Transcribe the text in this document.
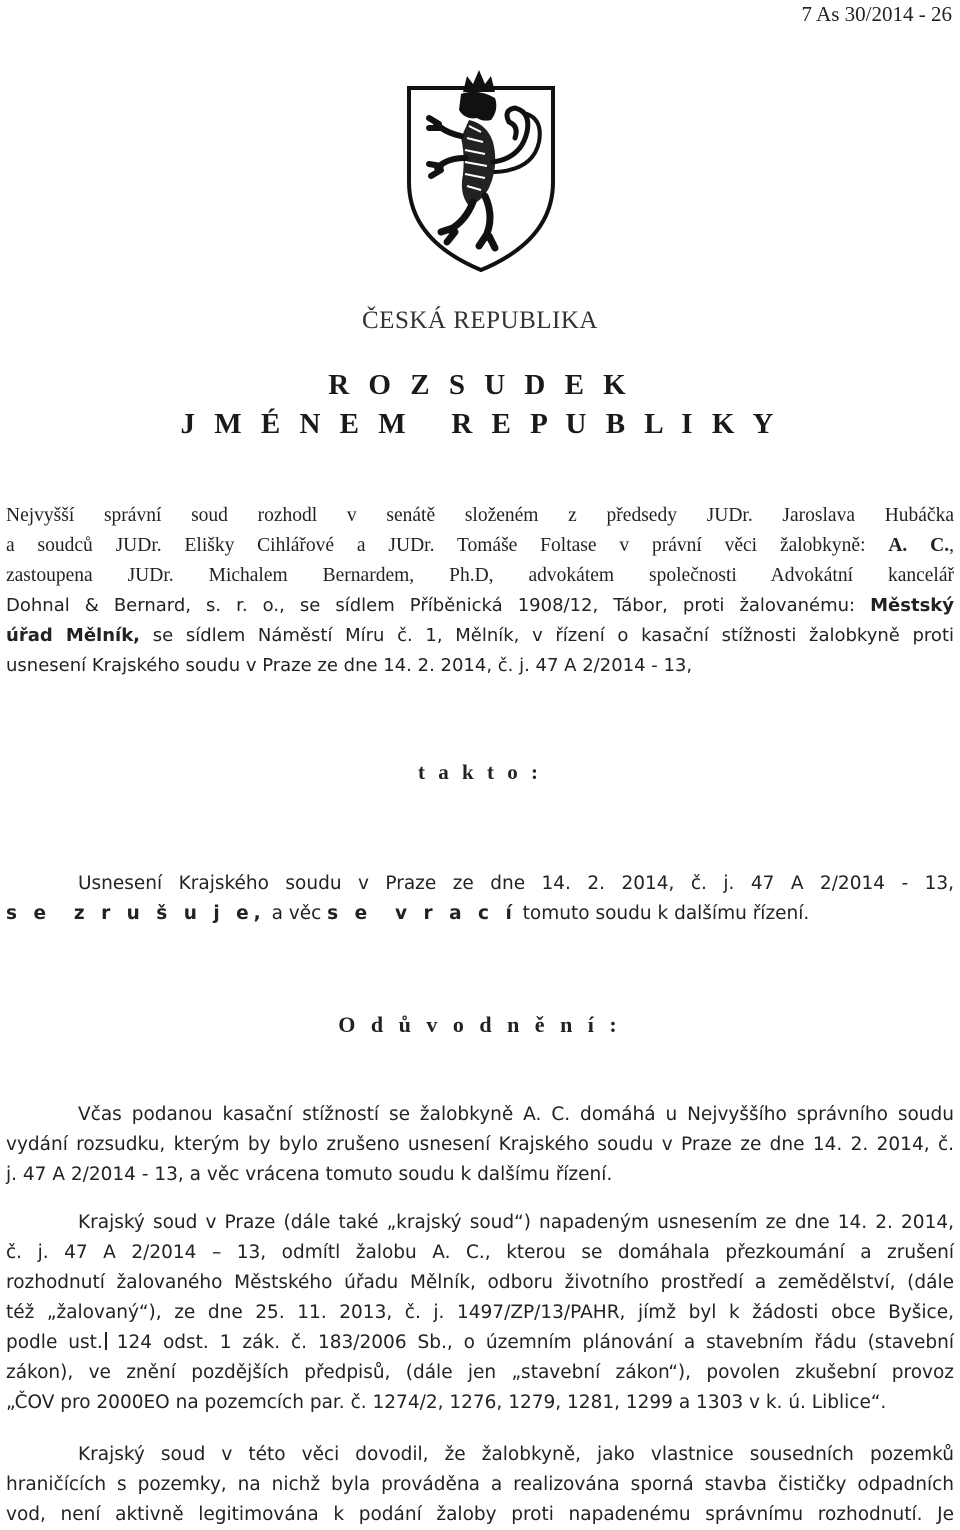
7 As 30/2014 - 26
ČESKÁ REPUBLIKA
R O Z S U D E K
J M É N E M   R E P U B L I K Y
Nejvyšší správní soud rozhodl v senátě složeném z předsedy JUDr. Jaroslava Hubáčka
a soudců JUDr. Elišky Cihlářové a JUDr. Tomáše Foltase v právní věci žalobkyně: A. C.,
zastoupena JUDr. Michalem Bernardem, Ph.D, advokátem společnosti Advokátní kancelář
Dohnal & Bernard, s. r. o., se sídlem Příběnická 1908/12, Tábor, proti žalovanému: Městský
úřad Mělník, se sídlem Náměstí Míru č. 1, Mělník, v řízení o kasační stížnosti žalobkyně proti
usnesení Krajského soudu v Praze ze dne 14. 2. 2014, č. j. 47 A 2/2014 - 13,
t a k t o :
Usnesení Krajského soudu v Praze ze dne 14. 2. 2014, č. j. 47 A 2/2014 - 13,
s e  z r u š u j e, a věc s e  v r a c í tomuto soudu k dalšímu řízení.
O d ů v o d n ě n í :
Včas podanou kasační stížností se žalobkyně A. C. domáhá u Nejvyššího správního soudu
vydání rozsudku, kterým by bylo zrušeno usnesení Krajského soudu v Praze ze dne 14. 2. 2014, č.
j. 47 A 2/2014 - 13, a věc vrácena tomuto soudu k dalšímu řízení.
Krajský soud v Praze (dále také „krajský soud“) napadeným usnesením ze dne 14. 2. 2014,
č. j. 47 A 2/2014 – 13, odmítl žalobu A. C., kterou se domáhala přezkoumání a zrušení
rozhodnutí žalovaného Městského úřadu Mělník, odboru životního prostředí a zemědělství, (dále
též „žalovaný“), ze dne 25. 11. 2013, č. j. 1497/ZP/13/PAHR, jímž byl k žádosti obce Byšice,
podle ust. 124 odst. 1 zák. č. 183/2006 Sb., o územním plánování a stavebním řádu (stavební
zákon), ve znění pozdějších předpisů, (dále jen „stavební zákon“), povolen zkušební provoz
„ČOV pro 2000EO na pozemcích par. č. 1274/2, 1276, 1279, 1281, 1299 a 1303 v k. ú. Liblice“.
Krajský soud v této věci dovodil, že žalobkyně, jako vlastnice sousedních pozemků
hraničících s pozemky, na nichž byla prováděna a realizována sporná stavba čističky odpadních
vod, není aktivně legitimována k podání žaloby proti napadenému správnímu rozhodnutí. Je
